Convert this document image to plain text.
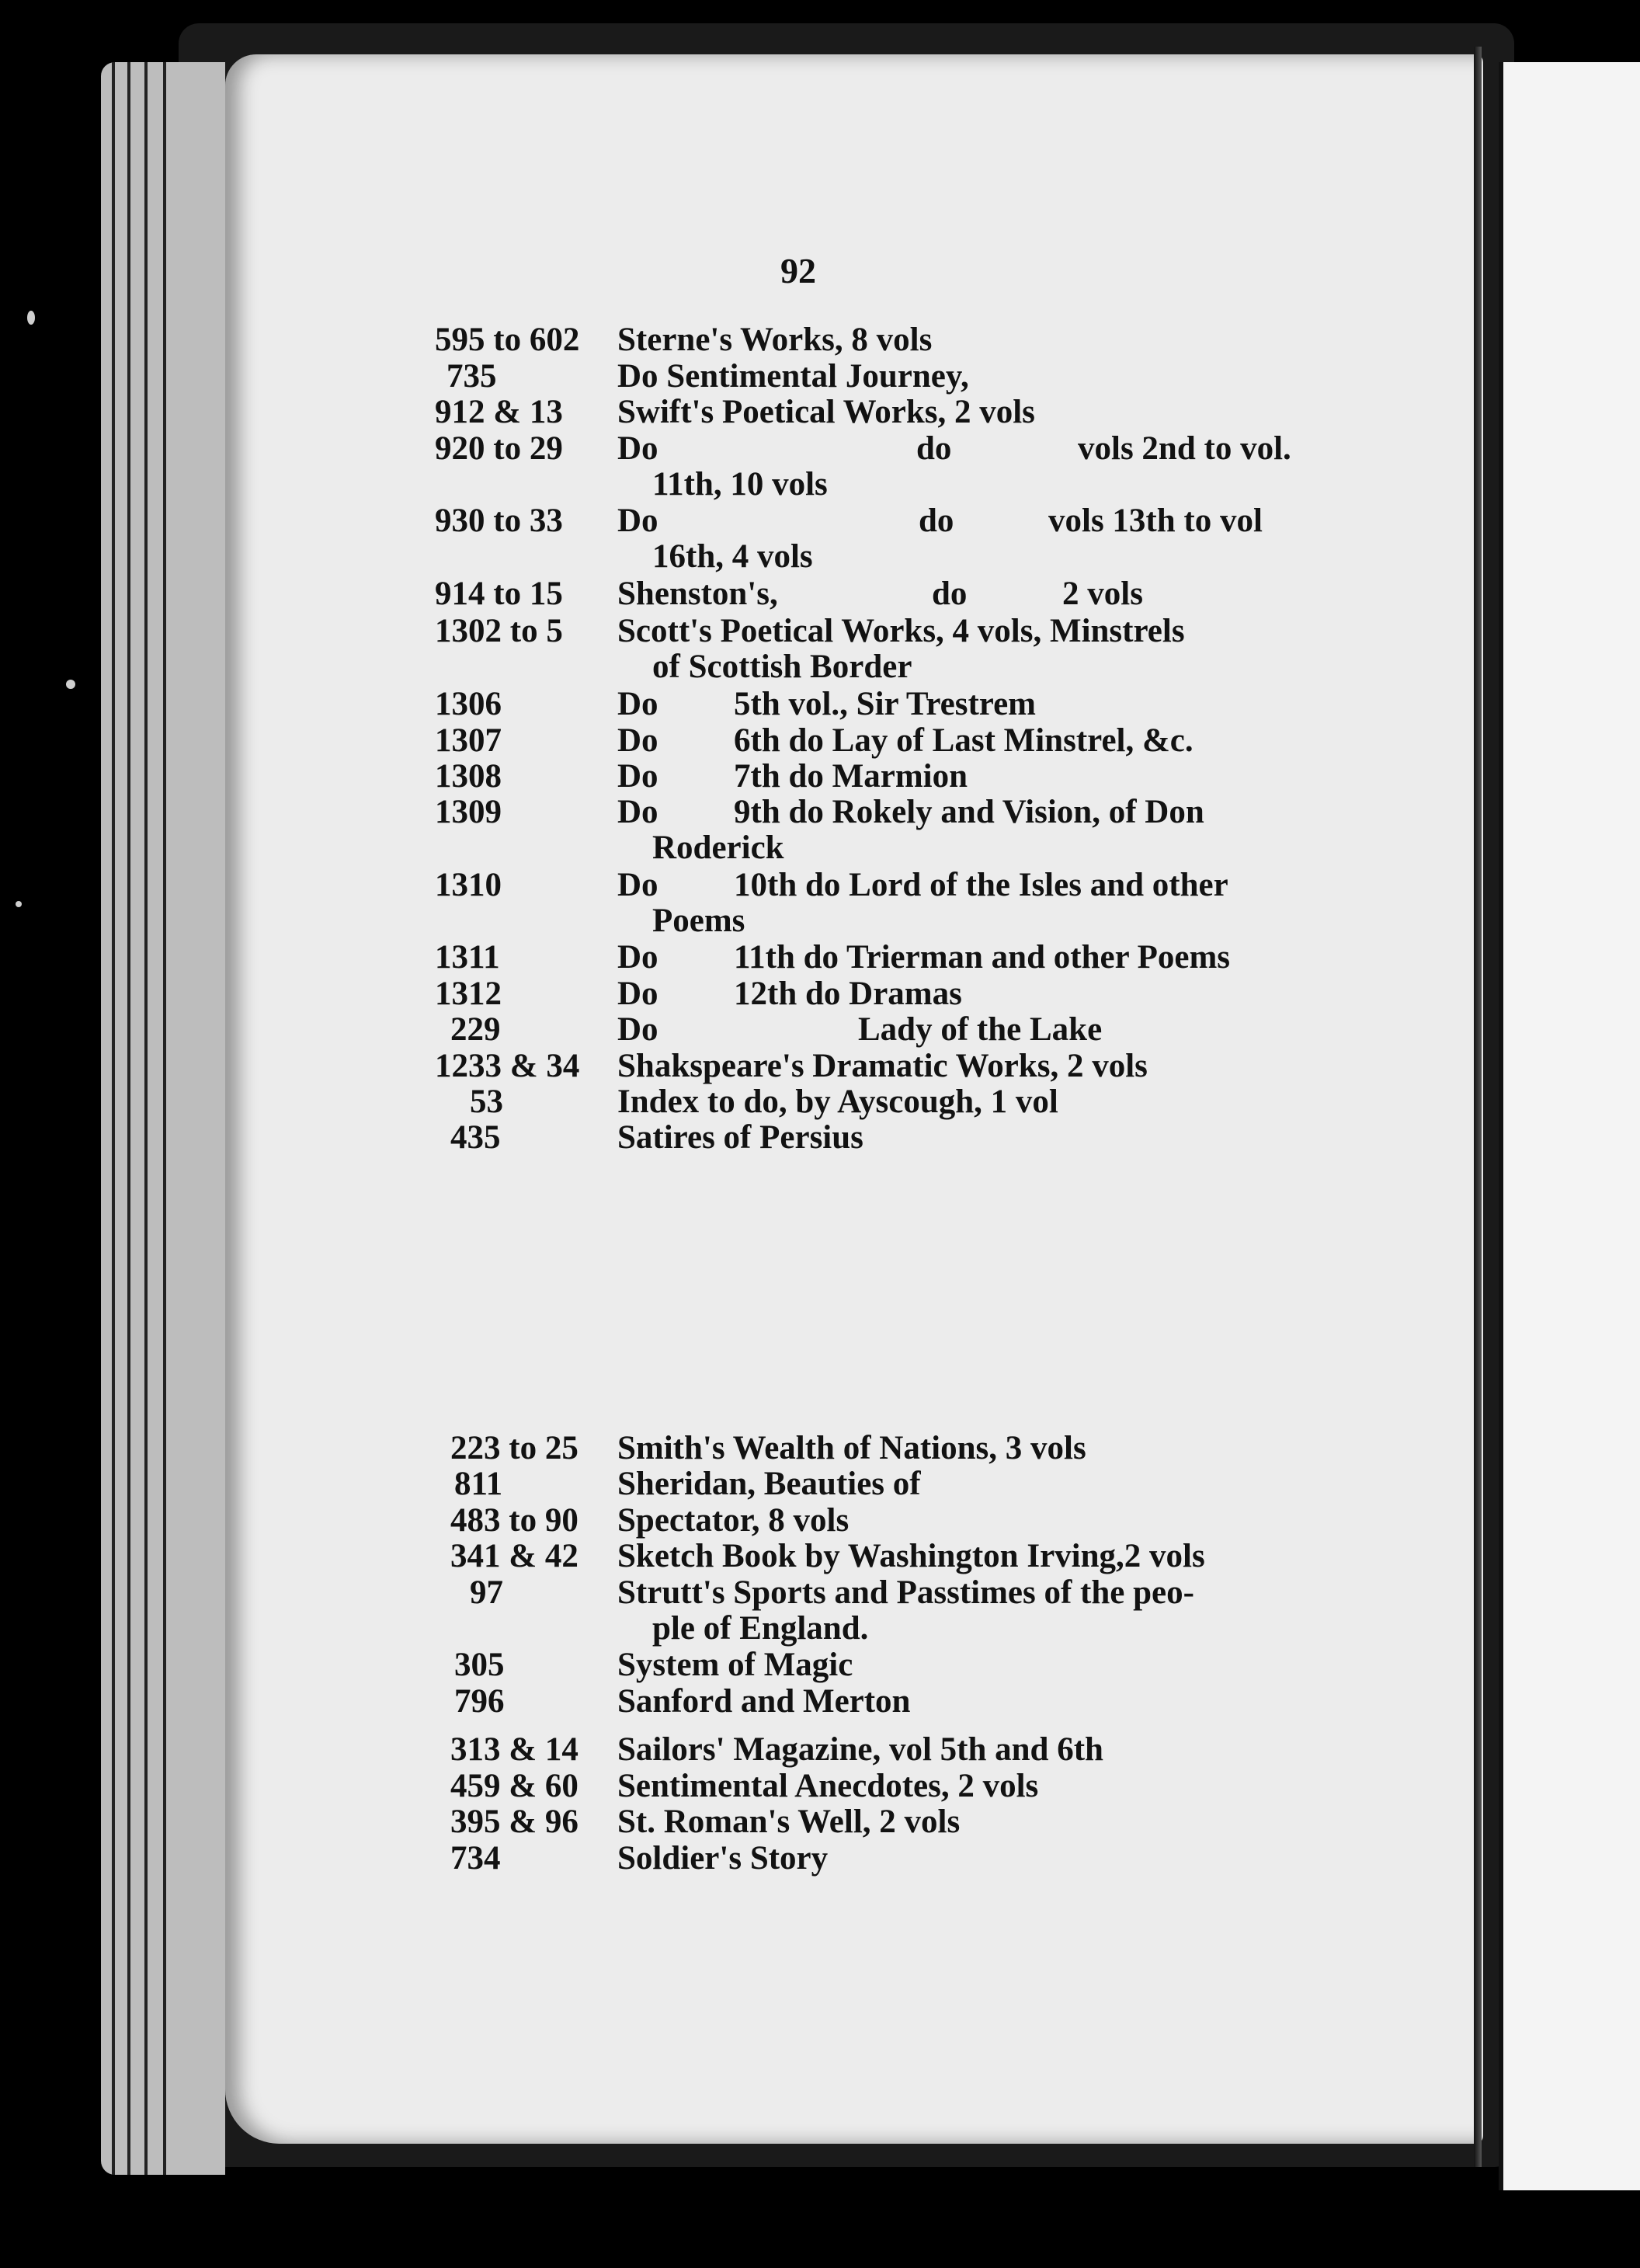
92
595 to 602	Sterne's Works, 8 vols
735	Do Sentimental Journey,
912 & 13	Swift's Poetical Works, 2 vols
920 to 29	Do	do	vols 2nd to vol.
11th, 10 vols
930 to 33	Do	do	vols 13th to vol
16th, 4 vols
914 to 15	Shenston's,	do	2 vols
1302 to 5	Scott's Poetical Works, 4 vols, Minstrels
of Scottish Border
1306	Do 5th vol., Sir Trestrem
1307	Do 6th do Lay of Last Minstrel, &c.
1308	Do 7th do Marmion
1309	Do 9th do Rokely and Vision, of Don
Roderick
1310	Do 10th do Lord of the Isles and other
Poems
1311	Do 11th do Trierman and other Poems
1312	Do 12th do Dramas
229	Do	Lady of the Lake
1233 & 34	Shakspeare's Dramatic Works, 2 vols
53	Index to do, by Ayscough, 1 vol
435	Satires of Persius
223 to 25	Smith's Wealth of Nations, 3 vols
811	Sheridan, Beauties of
483 to 90	Spectator, 8 vols
341 & 42	Sketch Book by Washington Irving,2 vols
97	Strutt's Sports and Passtimes of the peo-
ple of England.
305	System of Magic
796	Sanford and Merton
313 & 14	Sailors' Magazine, vol 5th and 6th
459 & 60	Sentimental Anecdotes, 2 vols
395 & 96	St. Roman's Well, 2 vols
734	Soldier's Story
